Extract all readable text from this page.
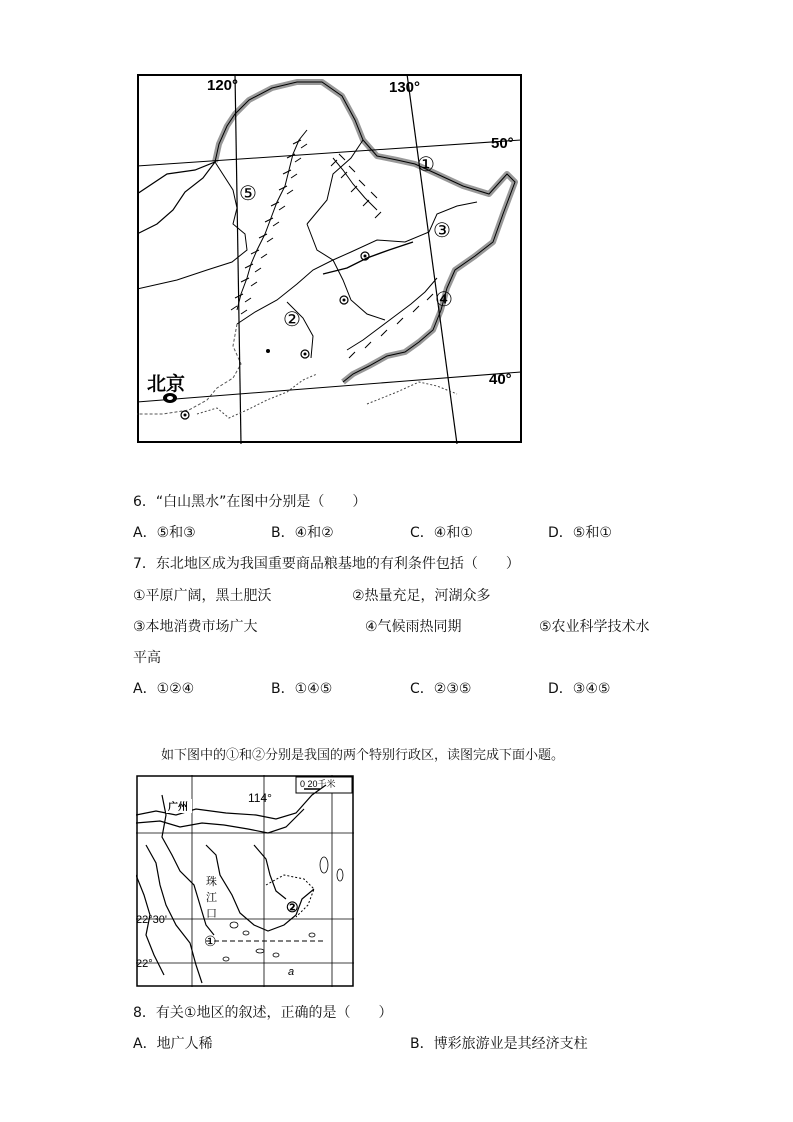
120°	130°
50°
40°
北京
①
②
③
④
⑤
6．“白山黑水”在图中分别是（　　）
A．⑤和③	B．④和②	C．④和①	D．⑤和①
7．东北地区成为我国重要商品粮基地的有利条件包括（　　）
①平原广阔，黑土肥沃	②热量充足，河湖众多
③本地消费市场广大	④气候雨热同期	⑤农业科学技术水
平高
A．①②④	B．①④⑤	C．②③⑤	D．③④⑤
如下图中的①和②分别是我国的两个特别行政区，读图完成下面小题。
0 20千米
广州
114°
22°30'
22°
珠
江
口
①
②
a
8．有关①地区的叙述，正确的是（　　）
A．地广人稀	B．博彩旅游业是其经济支柱
